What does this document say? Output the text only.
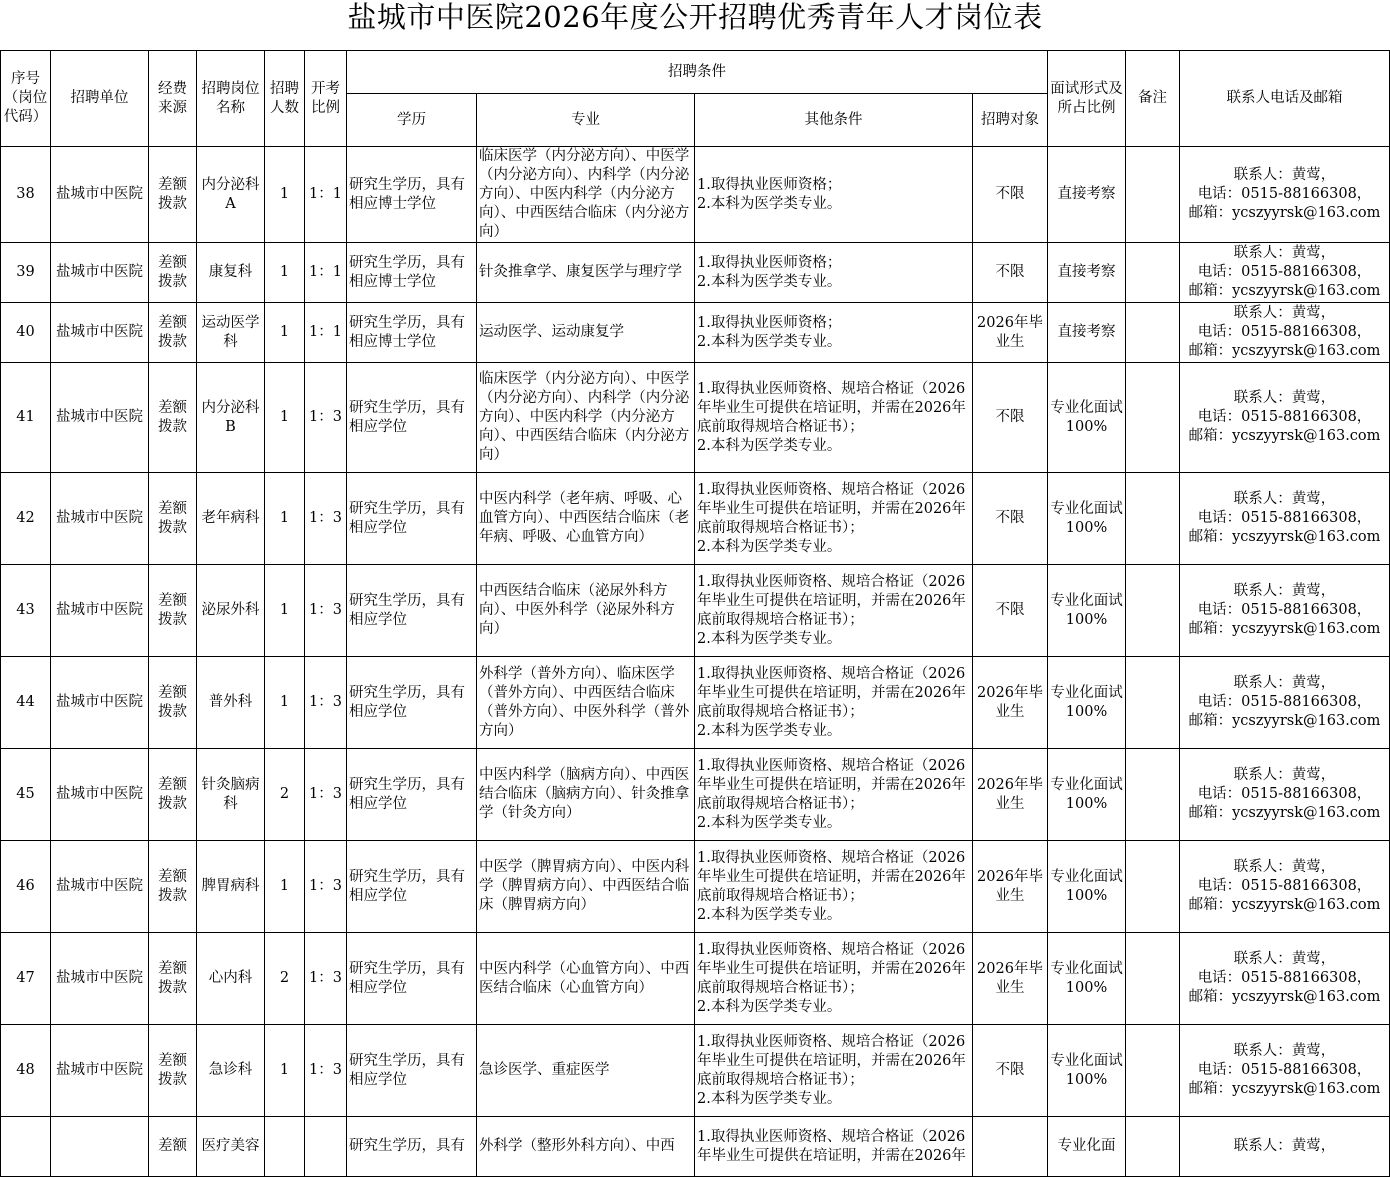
盐城市中医院2026年度公开招聘优秀青年人才岗位表
序号（岗位代码）	招聘单位	经费来源	招聘岗位名称	招聘人数	开考比例	招聘条件				面试形式及所占比例	备注	联系人电话及邮箱
						学历	专业	其他条件	招聘对象			
38	盐城市中医院	差额拨款	内分泌科A	1	1：1	研究生学历，具有相应博士学位	临床医学（内分泌方向）、中医学（内分泌方向）、内科学（内分泌方向）、中医内科学（内分泌方向）、中西医结合临床（内分泌方向）	1.取得执业医师资格；
2.本科为医学类专业。	不限	直接考察		联系人：黄莺，
电话：0515-88166308，
邮箱：ycszyyrsk@163.com

39	盐城市中医院	差额拨款	康复科	1	1：1	研究生学历，具有相应博士学位	针灸推拿学、康复医学与理疗学	1.取得执业医师资格；
2.本科为医学类专业。	不限	直接考察		联系人：黄莺，
电话：0515-88166308，
邮箱：ycszyyrsk@163.com

40	盐城市中医院	差额拨款	运动医学科	1	1：1	研究生学历，具有相应博士学位	运动医学、运动康复学	1.取得执业医师资格；
2.本科为医学类专业。	2026年毕业生	直接考察		联系人：黄莺，
电话：0515-88166308，
邮箱：ycszyyrsk@163.com

41	盐城市中医院	差额拨款	内分泌科B	1	1：3	研究生学历，具有相应学位	临床医学（内分泌方向）、中医学（内分泌方向）、内科学（内分泌方向）、中医内科学（内分泌方向）、中西医结合临床（内分泌方向）	1.取得执业医师资格、规培合格证（2026年毕业生可提供在培证明，并需在2026年底前取得规培合格证书）；
2.本科为医学类专业。	不限	专业化面试100%		联系人：黄莺，
电话：0515-88166308，
邮箱：ycszyyrsk@163.com

42	盐城市中医院	差额拨款	老年病科	1	1：3	研究生学历，具有相应学位	中医内科学（老年病、呼吸、心血管方向）、中西医结合临床（老年病、呼吸、心血管方向）	1.取得执业医师资格、规培合格证（2026年毕业生可提供在培证明，并需在2026年底前取得规培合格证书）；
2.本科为医学类专业。	不限	专业化面试100%		联系人：黄莺，
电话：0515-88166308，
邮箱：ycszyyrsk@163.com

43	盐城市中医院	差额拨款	泌尿外科	1	1：3	研究生学历，具有相应学位	中西医结合临床（泌尿外科方向）、中医外科学（泌尿外科方向）	1.取得执业医师资格、规培合格证（2026年毕业生可提供在培证明，并需在2026年底前取得规培合格证书）；
2.本科为医学类专业。	不限	专业化面试100%		联系人：黄莺，
电话：0515-88166308，
邮箱：ycszyyrsk@163.com

44	盐城市中医院	差额拨款	普外科	1	1：3	研究生学历，具有相应学位	外科学（普外方向）、临床医学（普外方向）、中西医结合临床（普外方向）、中医外科学（普外方向）	1.取得执业医师资格、规培合格证（2026年毕业生可提供在培证明，并需在2026年底前取得规培合格证书）；
2.本科为医学类专业。	2026年毕业生	专业化面试100%		联系人：黄莺，
电话：0515-88166308，
邮箱：ycszyyrsk@163.com

45	盐城市中医院	差额拨款	针灸脑病科	2	1：3	研究生学历，具有相应学位	中医内科学（脑病方向）、中西医结合临床（脑病方向）、针灸推拿学（针灸方向）	1.取得执业医师资格、规培合格证（2026年毕业生可提供在培证明，并需在2026年底前取得规培合格证书）；
2.本科为医学类专业。	2026年毕业生	专业化面试100%		联系人：黄莺，
电话：0515-88166308，
邮箱：ycszyyrsk@163.com

46	盐城市中医院	差额拨款	脾胃病科	1	1：3	研究生学历，具有相应学位	中医学（脾胃病方向）、中医内科学（脾胃病方向）、中西医结合临床（脾胃病方向）	1.取得执业医师资格、规培合格证（2026年毕业生可提供在培证明，并需在2026年底前取得规培合格证书）；
2.本科为医学类专业。	2026年毕业生	专业化面试100%		联系人：黄莺，
电话：0515-88166308，
邮箱：ycszyyrsk@163.com

47	盐城市中医院	差额拨款	心内科	2	1：3	研究生学历，具有相应学位	中医内科学（心血管方向）、中西医结合临床（心血管方向）	1.取得执业医师资格、规培合格证（2026年毕业生可提供在培证明，并需在2026年底前取得规培合格证书）；
2.本科为医学类专业。	2026年毕业生	专业化面试100%		联系人：黄莺，
电话：0515-88166308，
邮箱：ycszyyrsk@163.com

48	盐城市中医院	差额拨款	急诊科	1	1：3	研究生学历，具有相应学位	急诊医学、重症医学	1.取得执业医师资格、规培合格证（2026年毕业生可提供在培证明，并需在2026年底前取得规培合格证书）；
2.本科为医学类专业。	不限	专业化面试100%		联系人：黄莺，
电话：0515-88166308，
邮箱：ycszyyrsk@163.com

		差额	医疗美容			研究生学历，具有	外科学（整形外科方向）、中西	1.取得执业医师资格、规培合格证（2026
年毕业生可提供在培证明，并需在2026年		专业化面		联系人：黄莺，
